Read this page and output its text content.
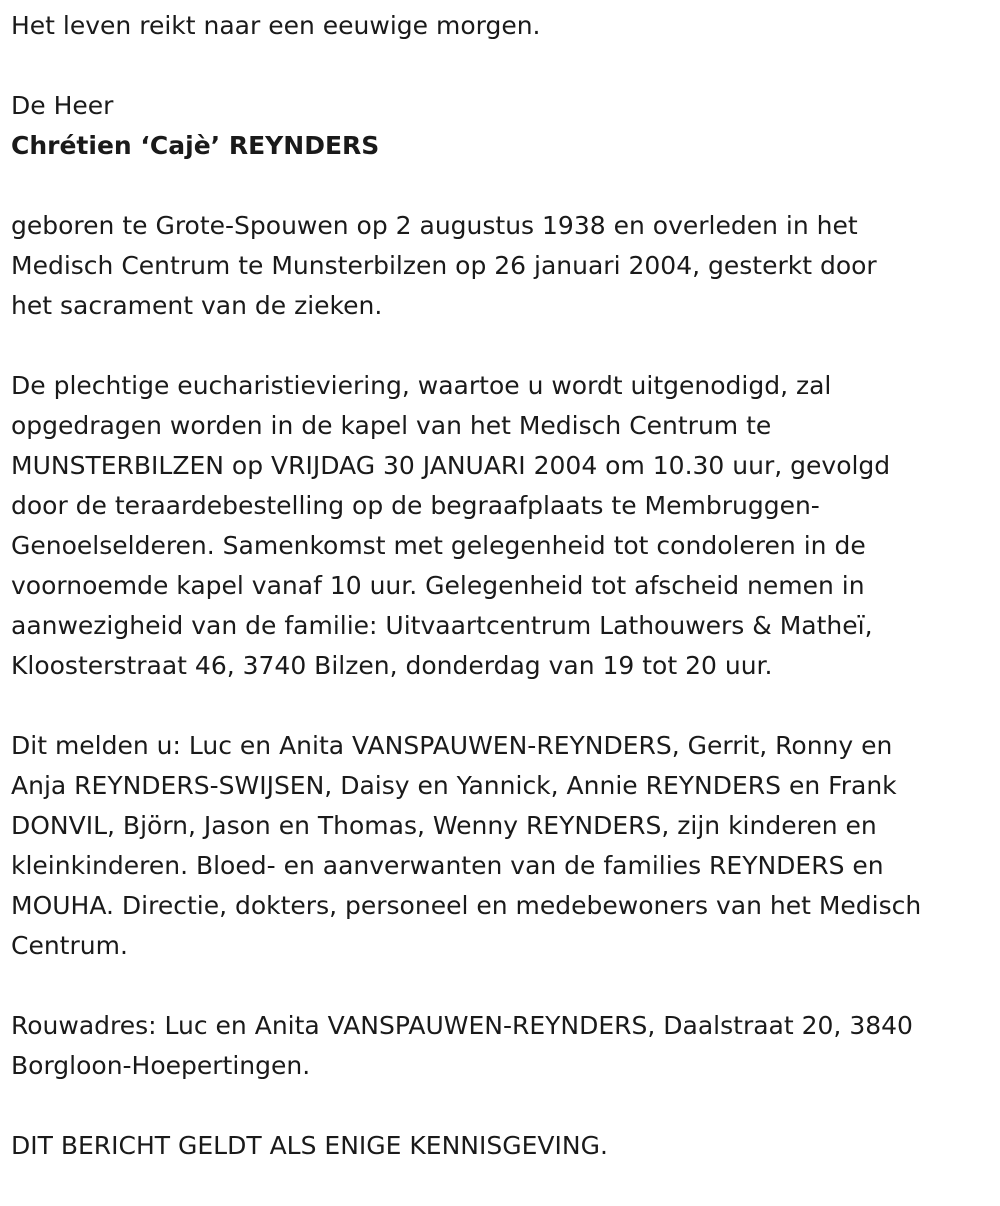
Het leven reikt naar een eeuwige morgen.

De Heer

Chrétien ‘Cajè’ REYNDERS

geboren te Grote-Spouwen op 2 augustus 1938 en overleden in het

Medisch Centrum te Munsterbilzen op 26 januari 2004, gesterkt door

het sacrament van de zieken.

De plechtige eucharistieviering, waartoe u wordt uitgenodigd, zal

opgedragen worden in de kapel van het Medisch Centrum te

MUNSTERBILZEN op VRIJDAG 30 JANUARI 2004 om 10.30 uur, gevolgd

door de teraardebestelling op de begraafplaats te Membruggen-

Genoelselderen. Samenkomst met gelegenheid tot condoleren in de

voornoemde kapel vanaf 10 uur. Gelegenheid tot afscheid nemen in

aanwezigheid van de familie: Uitvaartcentrum Lathouwers & Matheï,

Kloosterstraat 46, 3740 Bilzen, donderdag van 19 tot 20 uur.

Dit melden u: Luc en Anita VANSPAUWEN-REYNDERS, Gerrit, Ronny en

Anja REYNDERS-SWIJSEN, Daisy en Yannick, Annie REYNDERS en Frank

DONVIL, Björn, Jason en Thomas, Wenny REYNDERS, zijn kinderen en

kleinkinderen. Bloed- en aanverwanten van de families REYNDERS en

MOUHA. Directie, dokters, personeel en medebewoners van het Medisch

Centrum.

Rouwadres: Luc en Anita VANSPAUWEN-REYNDERS, Daalstraat 20, 3840

Borgloon-Hoepertingen.

DIT BERICHT GELDT ALS ENIGE KENNISGEVING.
